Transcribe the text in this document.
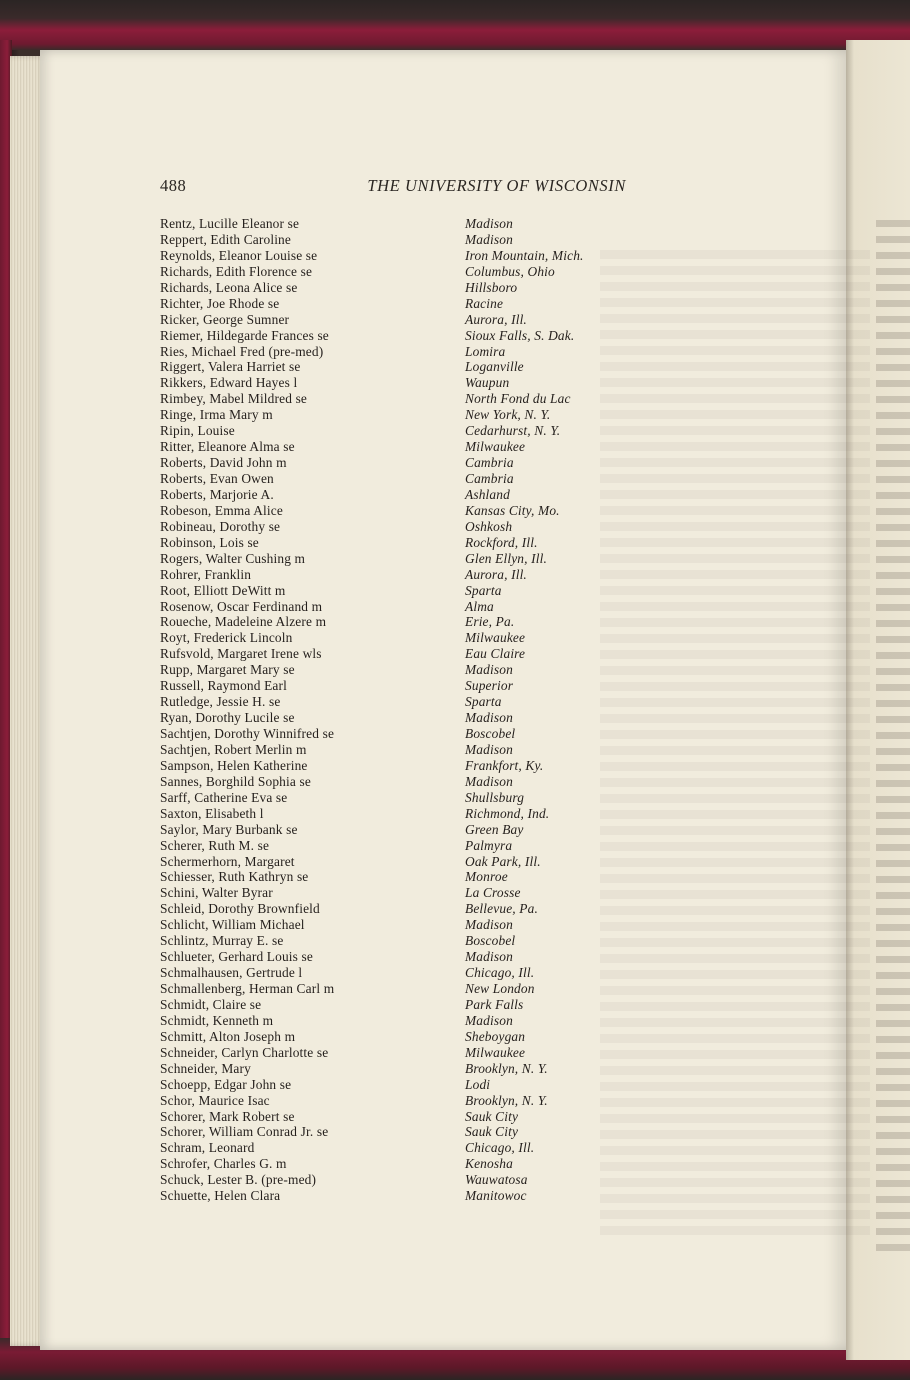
488	THE UNIVERSITY OF WISCONSIN
Rentz, Lucille Eleanor se	Madison
Reppert, Edith Caroline	Madison
Reynolds, Eleanor Louise se	Iron Mountain, Mich.
Richards, Edith Florence se	Columbus, Ohio
Richards, Leona Alice se	Hillsboro
Richter, Joe Rhode se	Racine
Ricker, George Sumner	Aurora, Ill.
Riemer, Hildegarde Frances se	Sioux Falls, S. Dak.
Ries, Michael Fred (pre-med)	Lomira
Riggert, Valera Harriet se	Loganville
Rikkers, Edward Hayes l	Waupun
Rimbey, Mabel Mildred se	North Fond du Lac
Ringe, Irma Mary m	New York, N. Y.
Ripin, Louise	Cedarhurst, N. Y.
Ritter, Eleanore Alma se	Milwaukee
Roberts, David John m	Cambria
Roberts, Evan Owen	Cambria
Roberts, Marjorie A.	Ashland
Robeson, Emma Alice	Kansas City, Mo.
Robineau, Dorothy se	Oshkosh
Robinson, Lois se	Rockford, Ill.
Rogers, Walter Cushing m	Glen Ellyn, Ill.
Rohrer, Franklin	Aurora, Ill.
Root, Elliott DeWitt m	Sparta
Rosenow, Oscar Ferdinand m	Alma
Roueche, Madeleine Alzere m	Erie, Pa.
Royt, Frederick Lincoln	Milwaukee
Rufsvold, Margaret Irene wls	Eau Claire
Rupp, Margaret Mary se	Madison
Russell, Raymond Earl	Superior
Rutledge, Jessie H. se	Sparta
Ryan, Dorothy Lucile se	Madison
Sachtjen, Dorothy Winnifred se	Boscobel
Sachtjen, Robert Merlin m	Madison
Sampson, Helen Katherine	Frankfort, Ky.
Sannes, Borghild Sophia se	Madison
Sarff, Catherine Eva se	Shullsburg
Saxton, Elisabeth l	Richmond, Ind.
Saylor, Mary Burbank se	Green Bay
Scherer, Ruth M. se	Palmyra
Schermerhorn, Margaret	Oak Park, Ill.
Schiesser, Ruth Kathryn se	Monroe
Schini, Walter Byrar	La Crosse
Schleid, Dorothy Brownfield	Bellevue, Pa.
Schlicht, William Michael	Madison
Schlintz, Murray E. se	Boscobel
Schlueter, Gerhard Louis se	Madison
Schmalhausen, Gertrude l	Chicago, Ill.
Schmallenberg, Herman Carl m	New London
Schmidt, Claire se	Park Falls
Schmidt, Kenneth m	Madison
Schmitt, Alton Joseph m	Sheboygan
Schneider, Carlyn Charlotte se	Milwaukee
Schneider, Mary	Brooklyn, N. Y.
Schoepp, Edgar John se	Lodi
Schor, Maurice Isac	Brooklyn, N. Y.
Schorer, Mark Robert se	Sauk City
Schorer, William Conrad Jr. se	Sauk City
Schram, Leonard	Chicago, Ill.
Schrofer, Charles G. m	Kenosha
Schuck, Lester B. (pre-med)	Wauwatosa
Schuette, Helen Clara	Manitowoc
